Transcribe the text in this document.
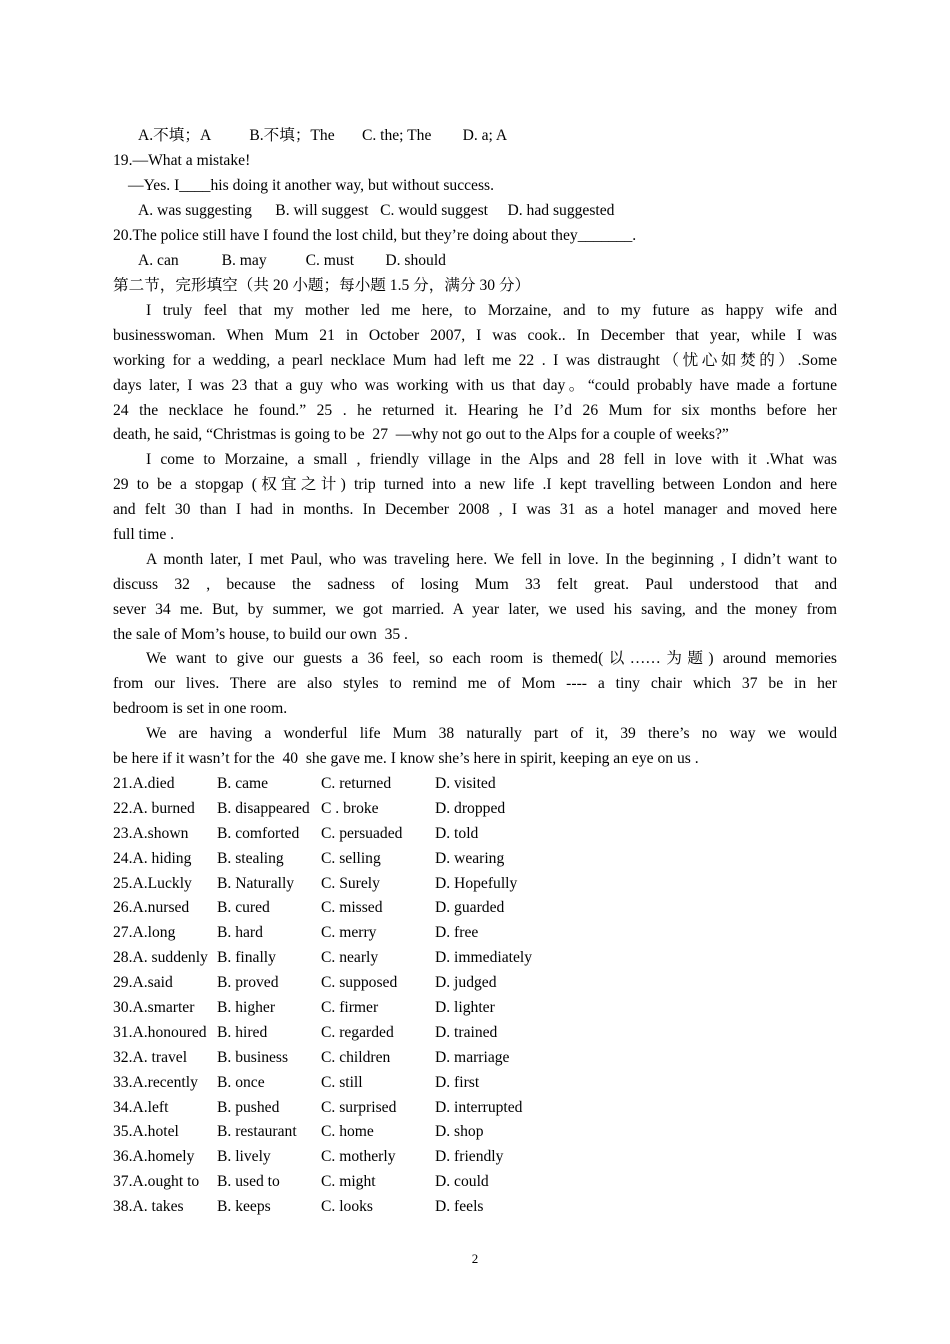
A.不填；A          B.不填；The       C. the; The        D. a; A
19.—What a mistake!
—Yes. I____his doing it another way, but without success.
A. was suggesting      B. will suggest   C. would suggest     D. had suggested
20.The police still have I found the lost child, but they’re doing about they_______.
A. can           B. may          C. must        D. should
第二节，完形填空（共 20 小题；每小题 1.5 分，满分 30 分）
I truly feel that my mother led me here, to Morzaine, and to my future as happy wife and
businesswoman. When Mum 21 in October 2007, I was cook.. In December that year, while I was
working for a wedding, a pearl necklace Mum had left me 22 . I was distraught（忧心如焚的）.Some
days later, I was 23 that a guy who was working with us that day。“could probably have made a fortune
24 the necklace he found.” 25 . he returned it. Hearing he I’d 26 Mum for six months before her
death, he said, “Christmas is going to be  27  —why not go out to the Alps for a couple of weeks?”
I come to Morzaine, a small , friendly village in the Alps and 28 fell in love with it .What was
29 to be a stopgap (权宜之计) trip turned into a new life .I kept travelling between London and here
and felt 30 than I had in months. In December 2008 , I was 31 as a hotel manager and moved here
full time .
A month later, I met Paul, who was traveling here. We fell in love. In the beginning , I didn’t want to
discuss 32 , because the sadness of losing Mum 33 felt great. Paul understood that and
sever 34 me. But, by summer, we got married. A year later, we used his saving, and the money from
the sale of Mom’s house, to build our own  35 .
We want to give our guests a 36 feel, so each room is themed(以……为题) around memories
from our lives. There are also styles to remind me of Mom ---- a tiny chair which 37 be in her
bedroom is set in one room.
We are having a wonderful life Mum 38 naturally part of it, 39 there’s no way we would
be here if it wasn’t for the  40  she gave me. I know she’s here in spirit, keeping an eye on us .
21.A.died	B. came	C. returned	D. visited
22.A. burned B. disappeared C . broke	D. dropped
23.A.shown B. comforted C. persuaded D. told
24.A. hiding B. stealing C. selling	D. wearing
25.A.Luckly B. Naturally C. Surely	D. Hopefully
26.A.nursed B. cured	C. missed	D. guarded
27.A.long	B. hard	C. merry	D. free
28.A. suddenly B. finally	C. nearly	D. immediately
29.A.said	B. proved	C. supposed D. judged
30.A.smarter B. higher	C. firmer	D. lighter
31.A.honoured B. hired	C. regarded	D. trained
32.A. travel B. business C. children	D. marriage
33.A.recently B. once	C. still	D. first
34.A.left	B. pushed	C. surprised D. interrupted
35.A.hotel B. restaurant C. home	D. shop
36.A.homely B. lively	C. motherly	D. friendly
37.A.ought to B. used to	C. might	D. could
38.A. takes B. keeps	C. looks	D. feels
2
